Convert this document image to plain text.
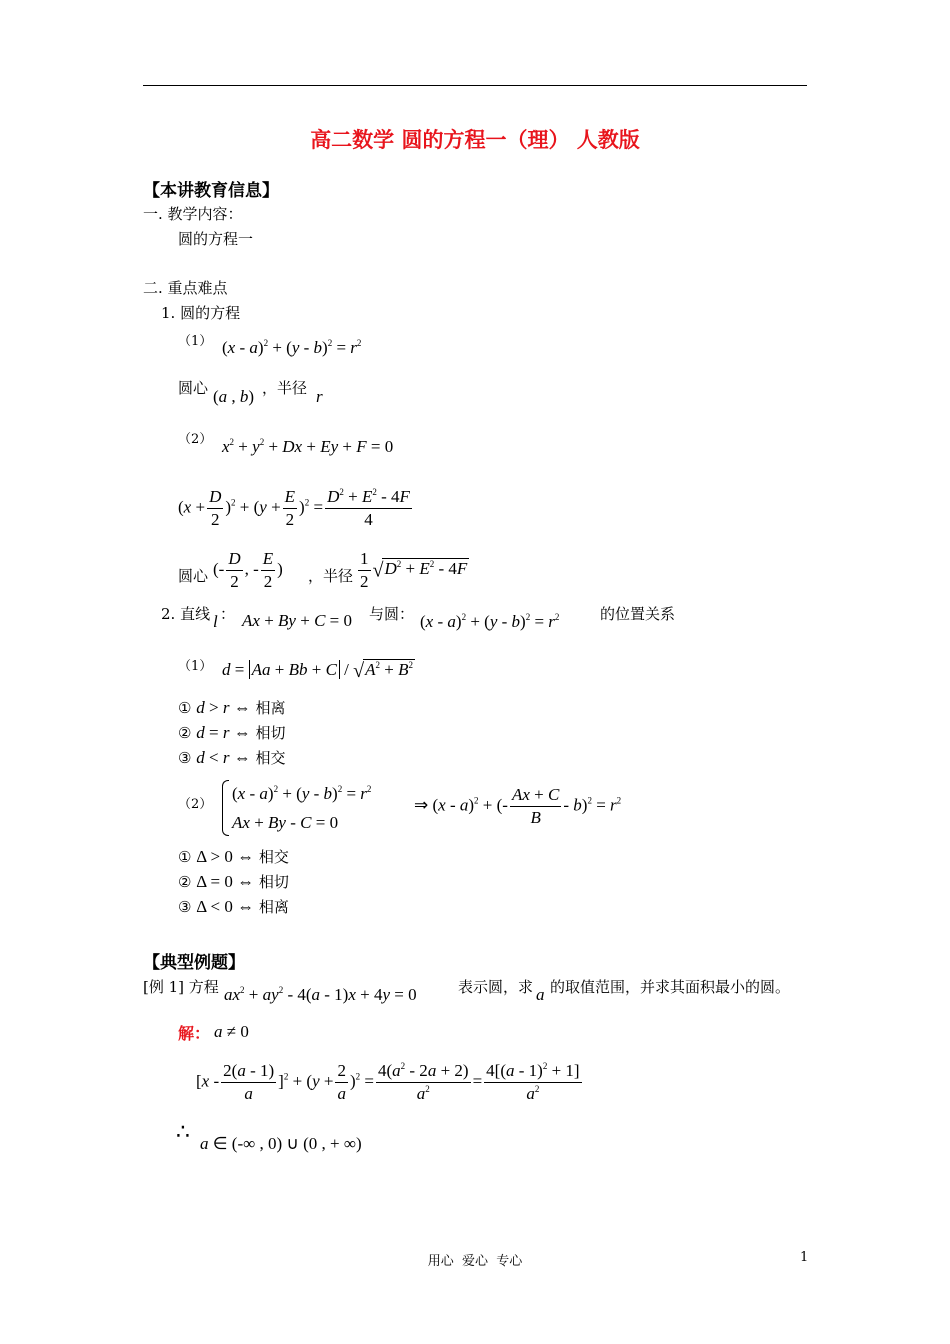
高二数学 圆的方程一（理） 人教版
【本讲教育信息】
一. 教学内容：
圆的方程一
二. 重点难点
1. 圆的方程
（1） $(x - a)^2 + (y - b)^2 = r^2$
圆心 (a , b) ，半径 r
（2） $x^2 + y^2 + Dx + Ey + F = 0$
$(x + \frac{D}{2} )^2 + (y + \frac{E}{2} )^2 = \frac{D^2 + E^2 - 4F}{4}$
圆心 (- $\frac{D}{2}$ , - $\frac{E}{2}$ ) ，半径 $\frac{1}{2} √D^2 + E^2 - 4F$
2. 直线 l ： Ax + By + C = 0 与圆： $(x - a)^2 + (y - b)^2 = r^2$	的位置关系
（1） $d = Aa + Bb + C / √A^2 + B^2$
① d > r ⇔ 相离
② d = r ⇔ 相切
③ d < r ⇔ 相交
（2）
$(x - a)^2 + (y - b)^2 = r^2$
Ax + By - C = 0
⇒ (x - a)$^2$ + (- $\frac{Ax + C}{B} - b)^2 = r^2$
① Δ > 0 ⇔ 相交
② Δ = 0 ⇔ 相切
③ Δ < 0 ⇔ 相离
【典型例题】
[例 1] 方程 $ax^2 + ay^2 - 4(a - 1)x + 4y = 0$	表示圆，求 a 的取值范围，并求其面积最小的圆。
解： a ≠ 0
$[x - \frac{2(a - 1)}{a} ]^2 + (y + \frac{2}{a} )^2 = \frac{4(a^2 - 2a + 2)}{a^2} = \frac{4[(a - 1)^2 + 1]}{a^2}$
∴ a ∈ (-∞ , 0) ∪ (0 , + ∞)
用心  爱心  专心	1
